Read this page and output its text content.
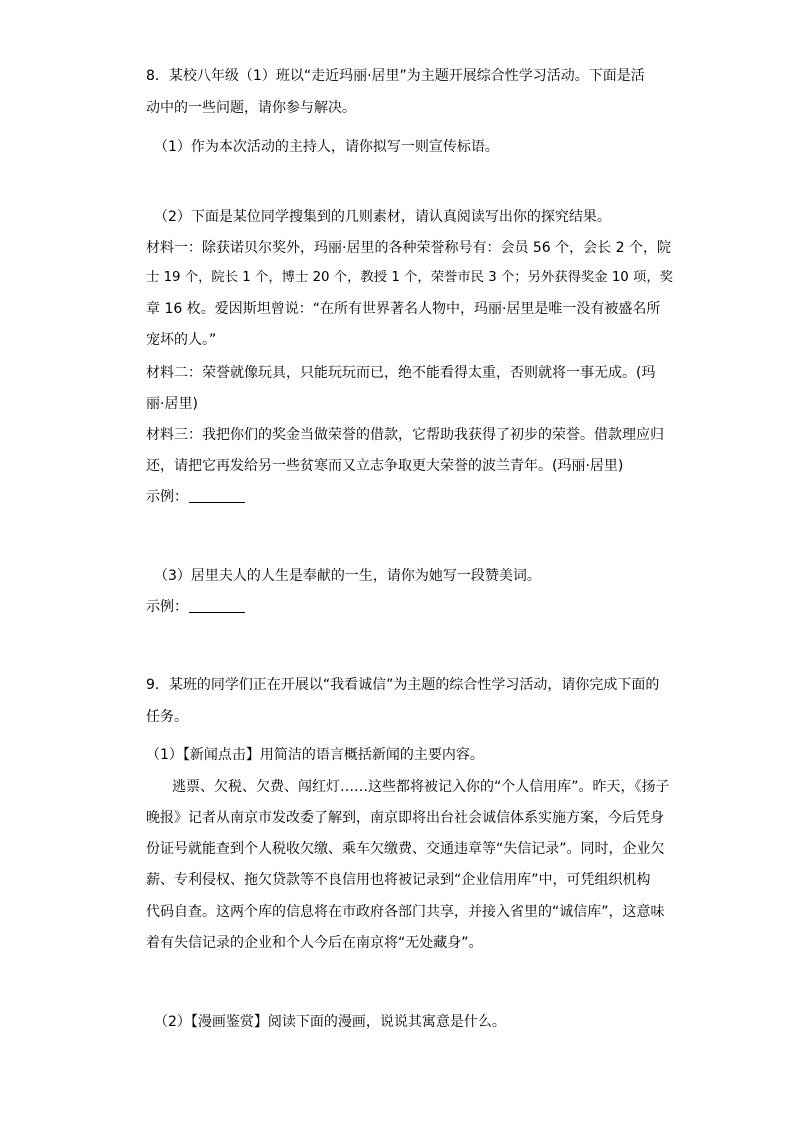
8．某校八年级（1）班以“走近玛丽·居里”为主题开展综合性学习活动。下面是活
动中的一些问题，请你参与解决。
（1）作为本次活动的主持人，请你拟写一则宣传标语。
（2）下面是某位同学搜集到的几则素材，请认真阅读写出你的探究结果。
材料一：除获诺贝尔奖外，玛丽·居里的各种荣誉称号有：会员 56 个，会长 2 个，院
士 19 个，院长 1 个，博士 20 个，教授 1 个，荣誉市民 3 个；另外获得奖金 10 项，奖
章 16 枚。爱因斯坦曾说：“在所有世界著名人物中，玛丽·居里是唯一没有被盛名所
宠坏的人。”
材料二：荣誉就像玩具，只能玩玩而已，绝不能看得太重，否则就将一事无成。(玛
丽·居里)
材料三：我把你们的奖金当做荣誉的借款，它帮助我获得了初步的荣誉。借款理应归
还，请把它再发给另一些贫寒而又立志争取更大荣誉的波兰青年。(玛丽·居里)
示例：
（3）居里夫人的人生是奉献的一生，请你为她写一段赞美词。
示例：
9．某班的同学们正在开展以“我看诚信”为主题的综合性学习活动，请你完成下面的
任务。
（1）【新闻点击】用简洁的语言概括新闻的主要内容。
逃票、欠税、欠费、闯红灯……这些都将被记入你的“个人信用库”。昨天，《扬子
晚报》记者从南京市发改委了解到，南京即将出台社会诚信体系实施方案，今后凭身
份证号就能查到个人税收欠缴、乘车欠缴费、交通违章等“失信记录”。同时，企业欠
薪、专利侵权、拖欠贷款等不良信用也将被记录到“企业信用库”中，可凭组织机构
代码自查。这两个库的信息将在市政府各部门共享，并接入省里的“诚信库”，这意味
着有失信记录的企业和个人今后在南京将“无处藏身”。
（2）【漫画鉴赏】阅读下面的漫画，说说其寓意是什么。
